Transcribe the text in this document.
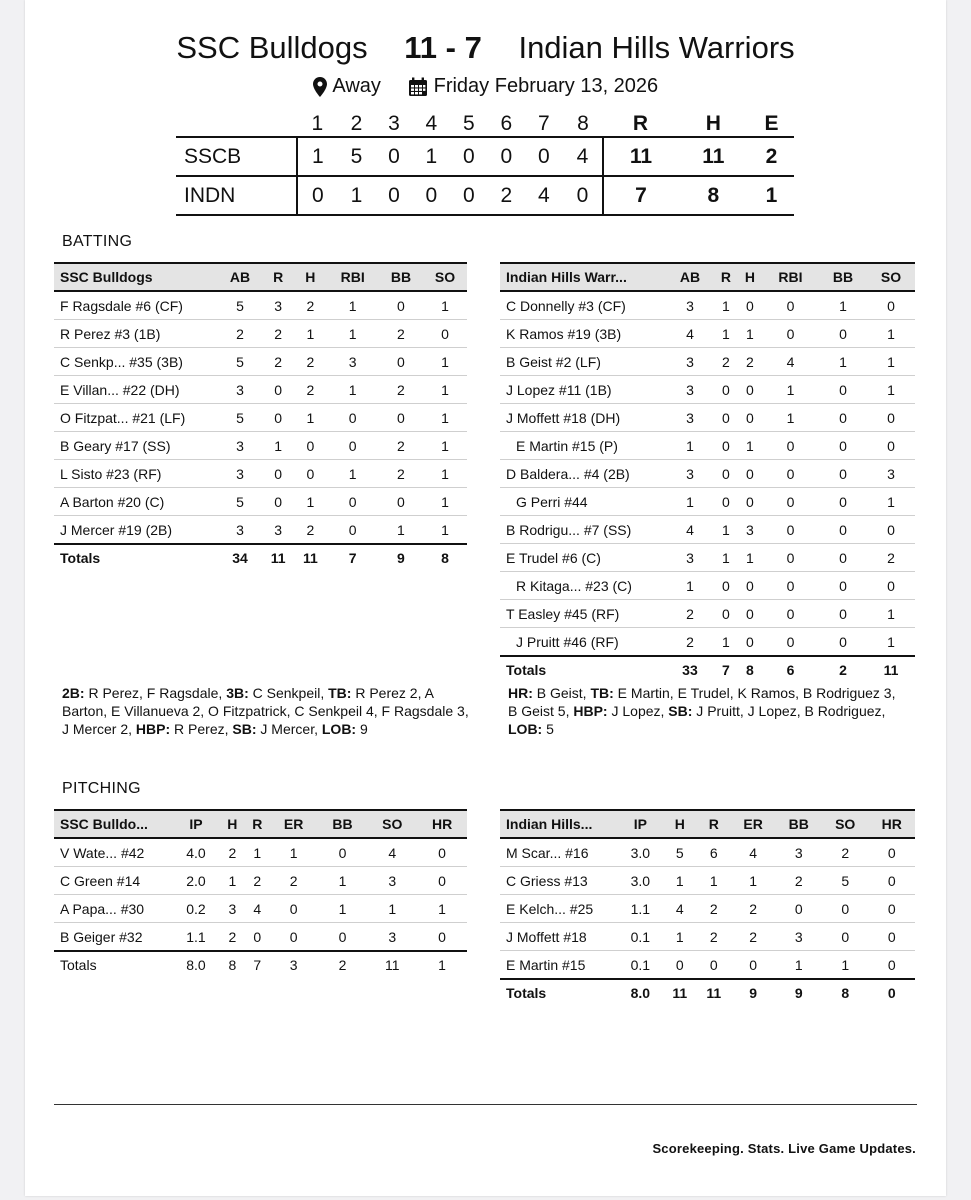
SSC Bulldogs 11 - 7 Indian Hills Warriors
Away	Friday February 13, 2026
	1	2	3	4	5	6	7	8	R	H	E
SSCB	1	5	0	1	0	0	0	4	11	11	2
INDN	0	1	0	0	0	2	4	0	7	8	1
BATTING
SSC Bulldogs	AB	R	H	RBI	BB	SO
F Ragsdale #6 (CF)	5	3	2	1	0	1
R Perez #3 (1B)	2	2	1	1	2	0
C Senkp... #35 (3B)	5	2	2	3	0	1
E Villan... #22 (DH)	3	0	2	1	2	1
O Fitzpat... #21 (LF)	5	0	1	0	0	1
B Geary #17 (SS)	3	1	0	0	2	1
L Sisto #23 (RF)	3	0	0	1	2	1
A Barton #20 (C)	5	0	1	0	0	1
J Mercer #19 (2B)	3	3	2	0	1	1
Totals	34	11	11	7	9	8
Indian Hills Warr...	AB	R	H	RBI	BB	SO
C Donnelly #3 (CF)	3	1	0	0	1	0
K Ramos #19 (3B)	4	1	1	0	0	1
B Geist #2 (LF)	3	2	2	4	1	1
J Lopez #11 (1B)	3	0	0	1	0	1
J Moffett #18 (DH)	3	0	0	1	0	0
E Martin #15 (P)	1	0	1	0	0	0
D Baldera... #4 (2B)	3	0	0	0	0	3
G Perri #44	1	0	0	0	0	1
B Rodrigu... #7 (SS)	4	1	3	0	0	0
E Trudel #6 (C)	3	1	1	0	0	2
R Kitaga... #23 (C)	1	0	0	0	0	0
T Easley #45 (RF)	2	0	0	0	0	1
J Pruitt #46 (RF)	2	1	0	0	0	1
Totals	33	7	8	6	2	11
2B: R Perez, F Ragsdale, 3B: C Senkpeil, TB: R Perez 2, A Barton, E Villanueva 2, O Fitzpatrick, C Senkpeil 4, F Ragsdale 3, J Mercer 2, HBP: R Perez, SB: J Mercer, LOB: 9
HR: B Geist, TB: E Martin, E Trudel, K Ramos, B Rodriguez 3, B Geist 5, HBP: J Lopez, SB: J Pruitt, J Lopez, B Rodriguez, LOB: 5
PITCHING
SSC Bulldo...	IP	H	R	ER	BB	SO	HR
V Wate... #42	4.0	2	1	1	0	4	0
C Green #14	2.0	1	2	2	1	3	0
A Papa... #30	0.2	3	4	0	1	1	1
B Geiger #32	1.1	2	0	0	0	3	0
Totals	8.0	8	7	3	2	11	1
Indian Hills...	IP	H	R	ER	BB	SO	HR
M Scar... #16	3.0	5	6	4	3	2	0
C Griess #13	3.0	1	1	1	2	5	0
E Kelch... #25	1.1	4	2	2	0	0	0
J Moffett #18	0.1	1	2	2	3	0	0
E Martin #15	0.1	0	0	0	1	1	0
Totals	8.0	11	11	9	9	8	0
Scorekeeping. Stats. Live Game Updates.
